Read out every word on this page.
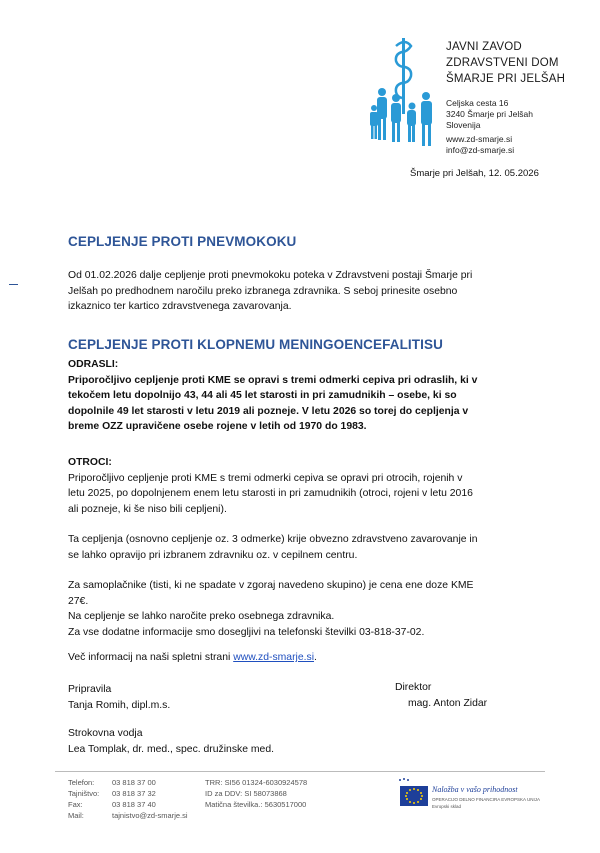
JAVNI ZAVOD
ZDRAVSTVENI DOM
ŠMARJE PRI JELŠAH
Celjska cesta 16
3240 Šmarje pri Jelšah
Slovenija
www.zd-smarje.si
info@zd-smarje.si
Šmarje pri Jelšah, 12. 05.2026
CEPLJENJE PROTI PNEVMOKOKU
Od 01.02.2026 dalje cepljenje proti pnevmokoku poteka v Zdravstveni postaji Šmarje pri
Jelšah po predhodnem naročilu preko izbranega zdravnika. S seboj prinesite osebno
izkaznico ter kartico zdravstvenega zavarovanja.
CEPLJENJE PROTI KLOPNEMU MENINGOENCEFALITISU
ODRASLI:
Priporočljivo cepljenje proti KME se opravi s tremi odmerki cepiva pri odraslih, ki v
tekočem letu dopolnijo 43, 44 ali 45 let starosti in pri zamudnikih – osebe, ki so
dopolnile 49 let starosti v letu 2019 ali pozneje. V letu 2026 so torej do cepljenja v
breme OZZ upravičene osebe rojene v letih od 1970 do 1983.
OTROCI:
Priporočljivo cepljenje proti KME s tremi odmerki cepiva se opravi pri otrocih, rojenih v
letu 2025, po dopolnjenem enem letu starosti in pri zamudnikih (otroci, rojeni v letu 2016
ali pozneje, ki še niso bili cepljeni).
Ta cepljenja (osnovno cepljenje oz. 3 odmerke) krije obvezno zdravstveno zavarovanje in
se lahko opravijo pri izbranem zdravniku oz. v cepilnem centru.
Za samoplačnike (tisti, ki ne spadate v zgoraj navedeno skupino) je cena ene doze KME
27€.
Na cepljenje se lahko naročite preko osebnega zdravnika.
Za vse dodatne informacije smo dosegljivi na telefonski številki 03-818-37-02.
Več informacij na naši spletni strani www.zd-smarje.si.
Pripravila
Tanja Romih, dipl.m.s.
Direktor
mag. Anton Zidar
Strokovna vodja
Lea Tomplak, dr. med., spec. družinske med.
Telefon:
Tajništvo:
Fax:
Mail:
03 818 37 00
03 818 37 32
03 818 37 40
tajnistvo@zd-smarje.si
TRR: SI56 01324-6030924578
ID za DDV: SI 58073868
Matična številka.: 5630517000
Naložba v vašo prihodnost
OPERACIJO DELNO FINANCIRA EVROPSKA UNIJA
Evropski sklad
